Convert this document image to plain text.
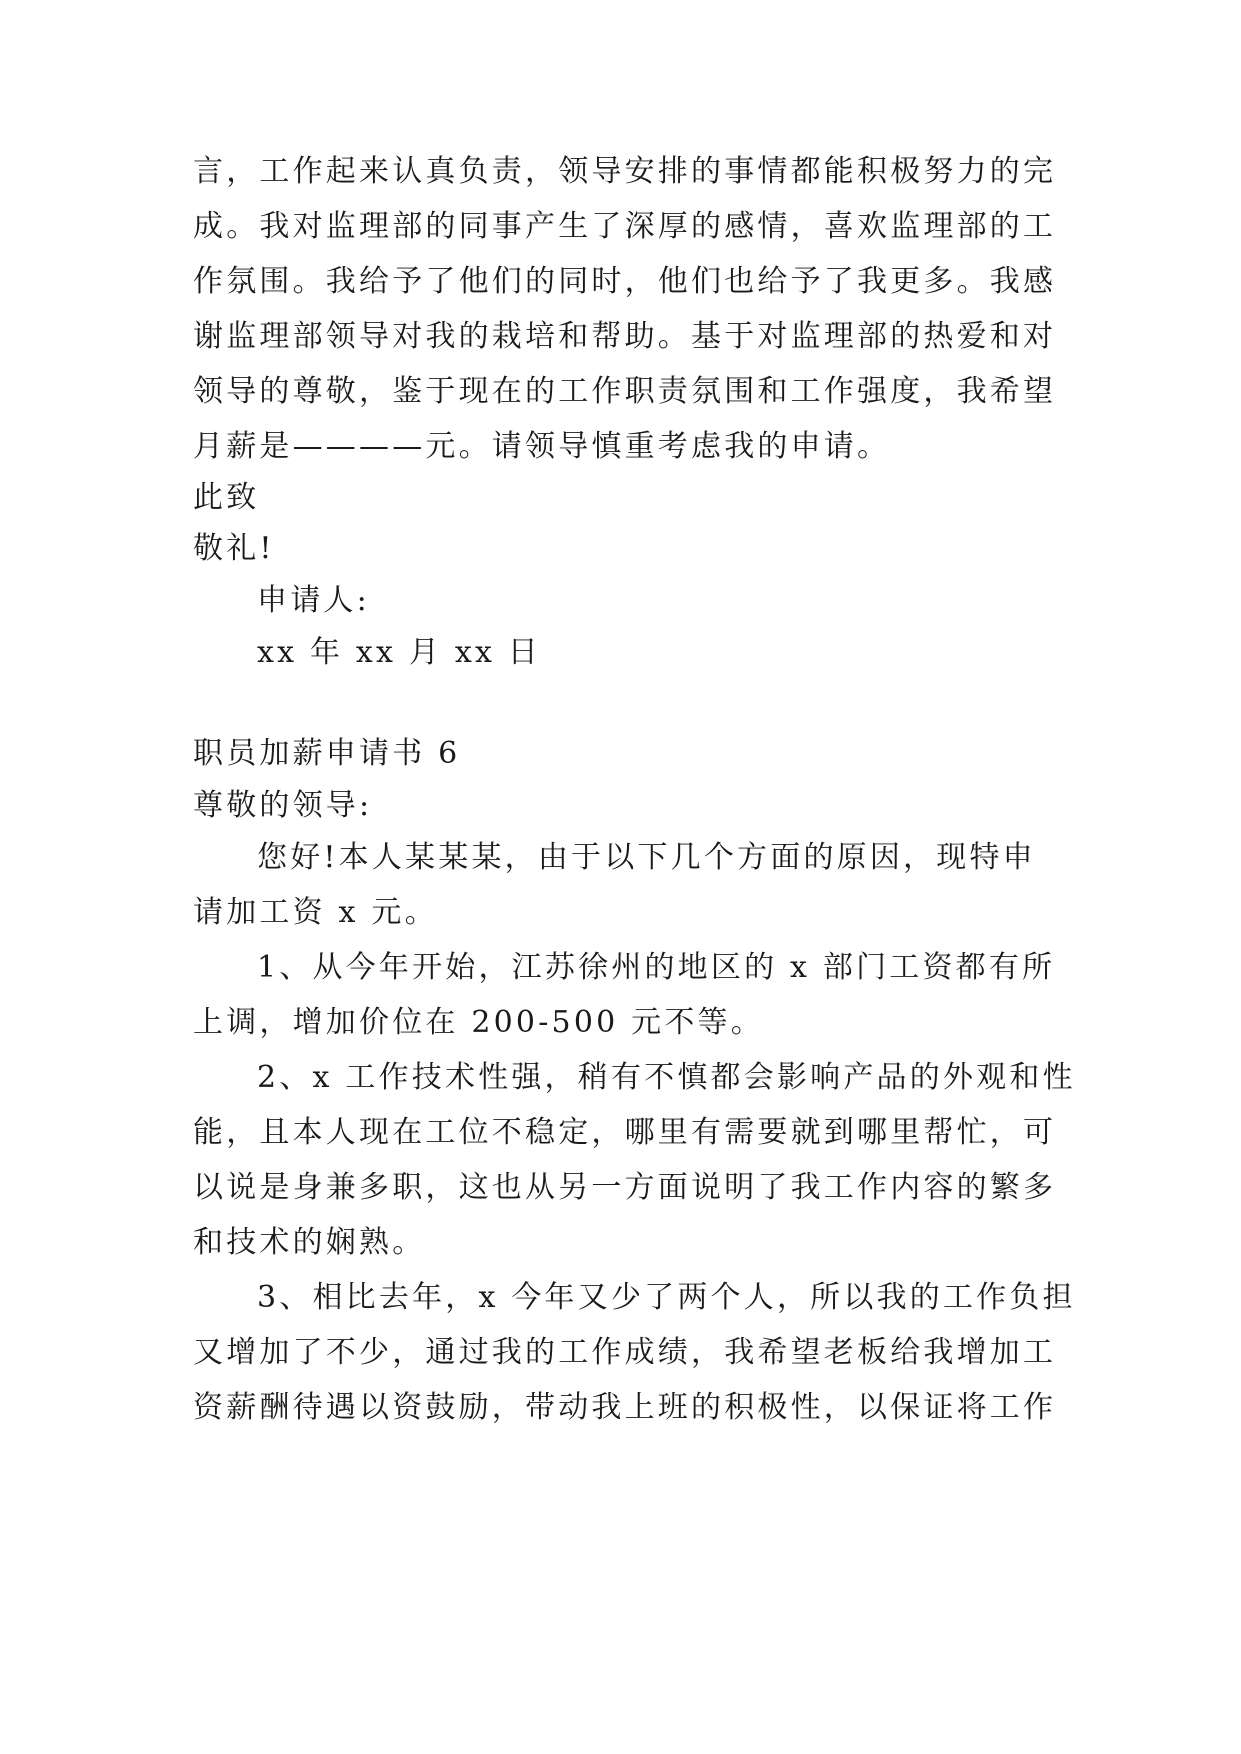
言，工作起来认真负责，领导安排的事情都能积极努力的完

成。我对监理部的同事产生了深厚的感情，喜欢监理部的工

作氛围。我给予了他们的同时，他们也给予了我更多。我感

谢监理部领导对我的栽培和帮助。基于对监理部的热爱和对

领导的尊敬，鉴于现在的工作职责氛围和工作强度，我希望

月薪是————元。请领导慎重考虑我的申请。

此致

敬礼!

申请人:

xx 年 xx 月 xx 日

职员加薪申请书 6

尊敬的领导:

您好!本人某某某，由于以下几个方面的原因，现特申

请加工资 x 元。

1、从今年开始，江苏徐州的地区的 x 部门工资都有所

上调，增加价位在 200-500 元不等。

2、x 工作技术性强，稍有不慎都会影响产品的外观和性

能，且本人现在工位不稳定，哪里有需要就到哪里帮忙，可

以说是身兼多职，这也从另一方面说明了我工作内容的繁多

和技术的娴熟。

3、相比去年，x 今年又少了两个人，所以我的工作负担

又增加了不少，通过我的工作成绩，我希望老板给我增加工

资薪酬待遇以资鼓励，带动我上班的积极性，以保证将工作
